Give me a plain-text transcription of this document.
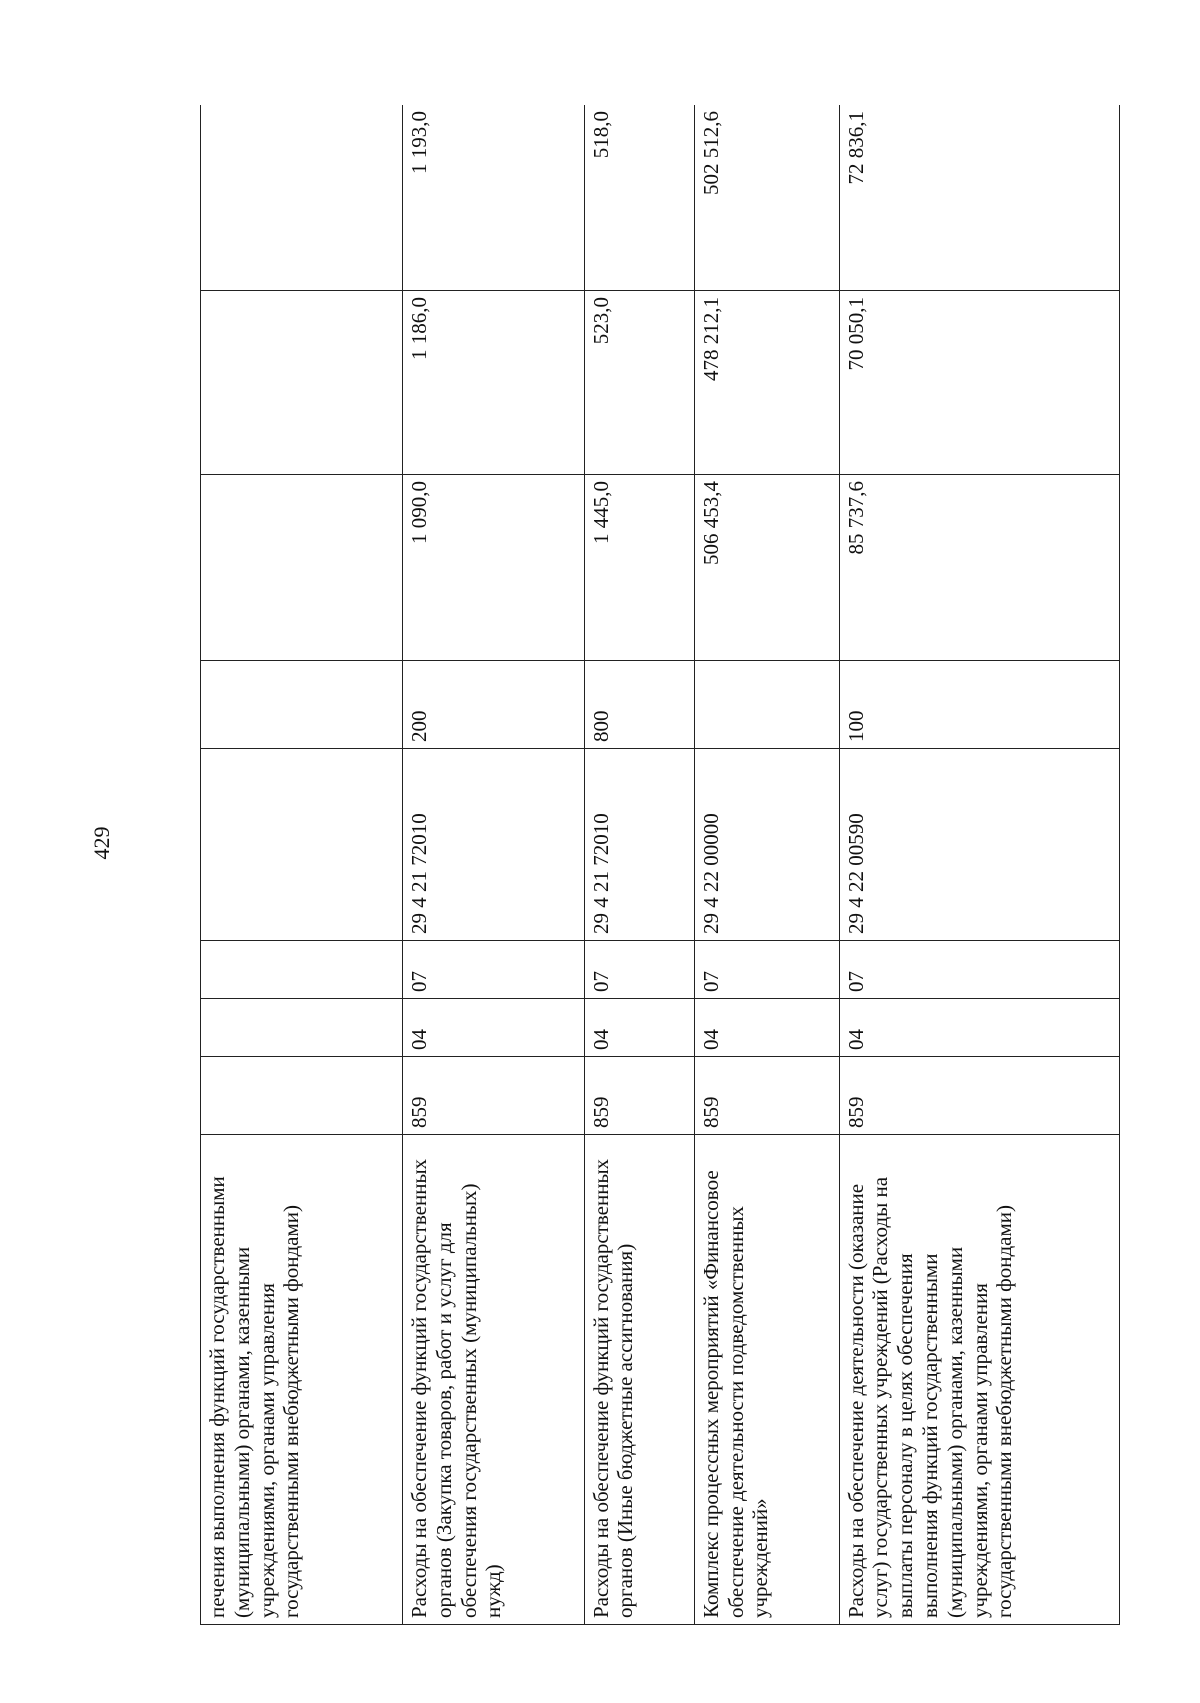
429
печения выполнения функций государственными (муниципальными) органами, казенными учреждениями, органами управления государственными внебюджетными фондами)								
Расходы на обеспечение функций государственных органов (Закупка товаров, работ и услуг для обеспечения государственных (муниципальных) нужд)	859	04	07	29 4 21 72010	200	1 090,0	1 186,0	1 193,0
Расходы на обеспечение функций государственных органов (Иные бюджетные ассигнования)	859	04	07	29 4 21 72010	800	1 445,0	523,0	518,0
Комплекс процессных мероприятий «Финансовое обеспечение деятельности подведомственных учреждений»	859	04	07	29 4 22 00000		506 453,4	478 212,1	502 512,6
Расходы на обеспечение деятельности (оказание услуг) государственных учреждений (Расходы на выплаты персоналу в целях обеспечения выполнения функций государственными (муниципальными) органами, казенными учреждениями, органами управления государственными внебюджетными фондами)	859	04	07	29 4 22 00590	100	85 737,6	70 050,1	72 836,1
